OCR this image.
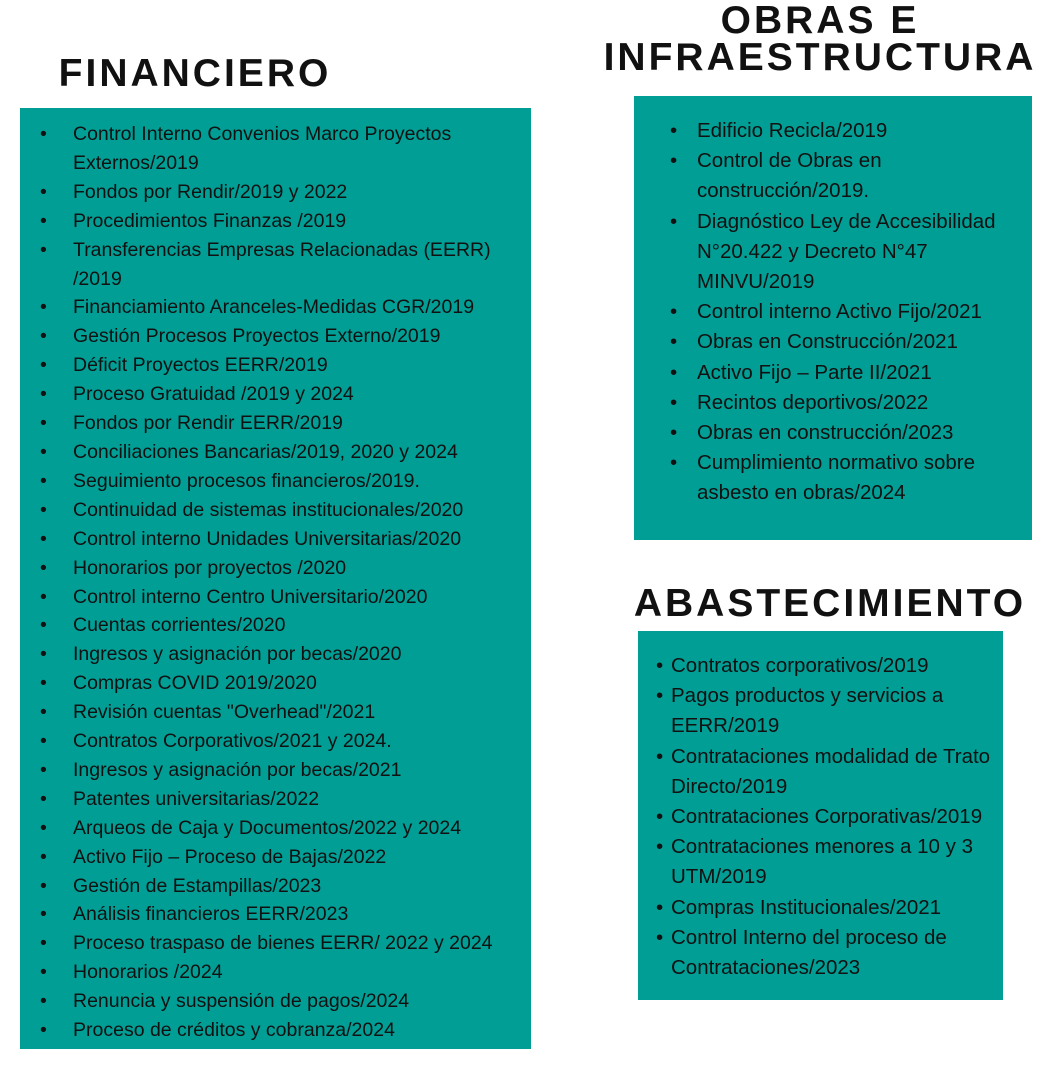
FINANCIERO
• Control Interno Convenios Marco Proyectos Externos/2019
• Fondos por Rendir/2019 y 2022
• Procedimientos Finanzas /2019
• Transferencias Empresas Relacionadas (EERR) /2019
• Financiamiento Aranceles-Medidas CGR/2019
• Gestión Procesos Proyectos Externo/2019
• Déficit Proyectos EERR/2019
• Proceso Gratuidad /2019 y 2024
• Fondos por Rendir EERR/2019
• Conciliaciones Bancarias/2019, 2020 y 2024
• Seguimiento procesos financieros/2019.
• Continuidad de sistemas institucionales/2020
• Control interno Unidades Universitarias/2020
• Honorarios por proyectos /2020
• Control interno Centro Universitario/2020
• Cuentas corrientes/2020
• Ingresos y asignación por becas/2020
• Compras COVID 2019/2020
• Revisión cuentas "Overhead"/2021
• Contratos Corporativos/2021 y 2024.
• Ingresos y asignación por becas/2021
• Patentes universitarias/2022
• Arqueos de Caja y Documentos/2022 y 2024
• Activo Fijo – Proceso de Bajas/2022
• Gestión de Estampillas/2023
• Análisis financieros EERR/2023
• Proceso traspaso de bienes EERR/ 2022 y 2024
• Honorarios /2024
• Renuncia y suspensión de pagos/2024
• Proceso de créditos y cobranza/2024
OBRAS E
INFRAESTRUCTURA
• Edificio Recicla/2019
• Control de Obras en construcción/2019.
• Diagnóstico Ley de Accesibilidad N°20.422 y Decreto N°47 MINVU/2019
• Control interno Activo Fijo/2021
• Obras en Construcción/2021
• Activo Fijo – Parte II/2021
• Recintos deportivos/2022
• Obras en construcción/2023
• Cumplimiento normativo sobre asbesto en obras/2024
ABASTECIMIENTO
• Contratos corporativos/2019
• Pagos productos y servicios a EERR/2019
• Contrataciones modalidad de Trato Directo/2019
• Contrataciones Corporativas/2019
• Contrataciones menores a 10 y 3 UTM/2019
• Compras Institucionales/2021
• Control Interno del proceso de Contrataciones/2023
